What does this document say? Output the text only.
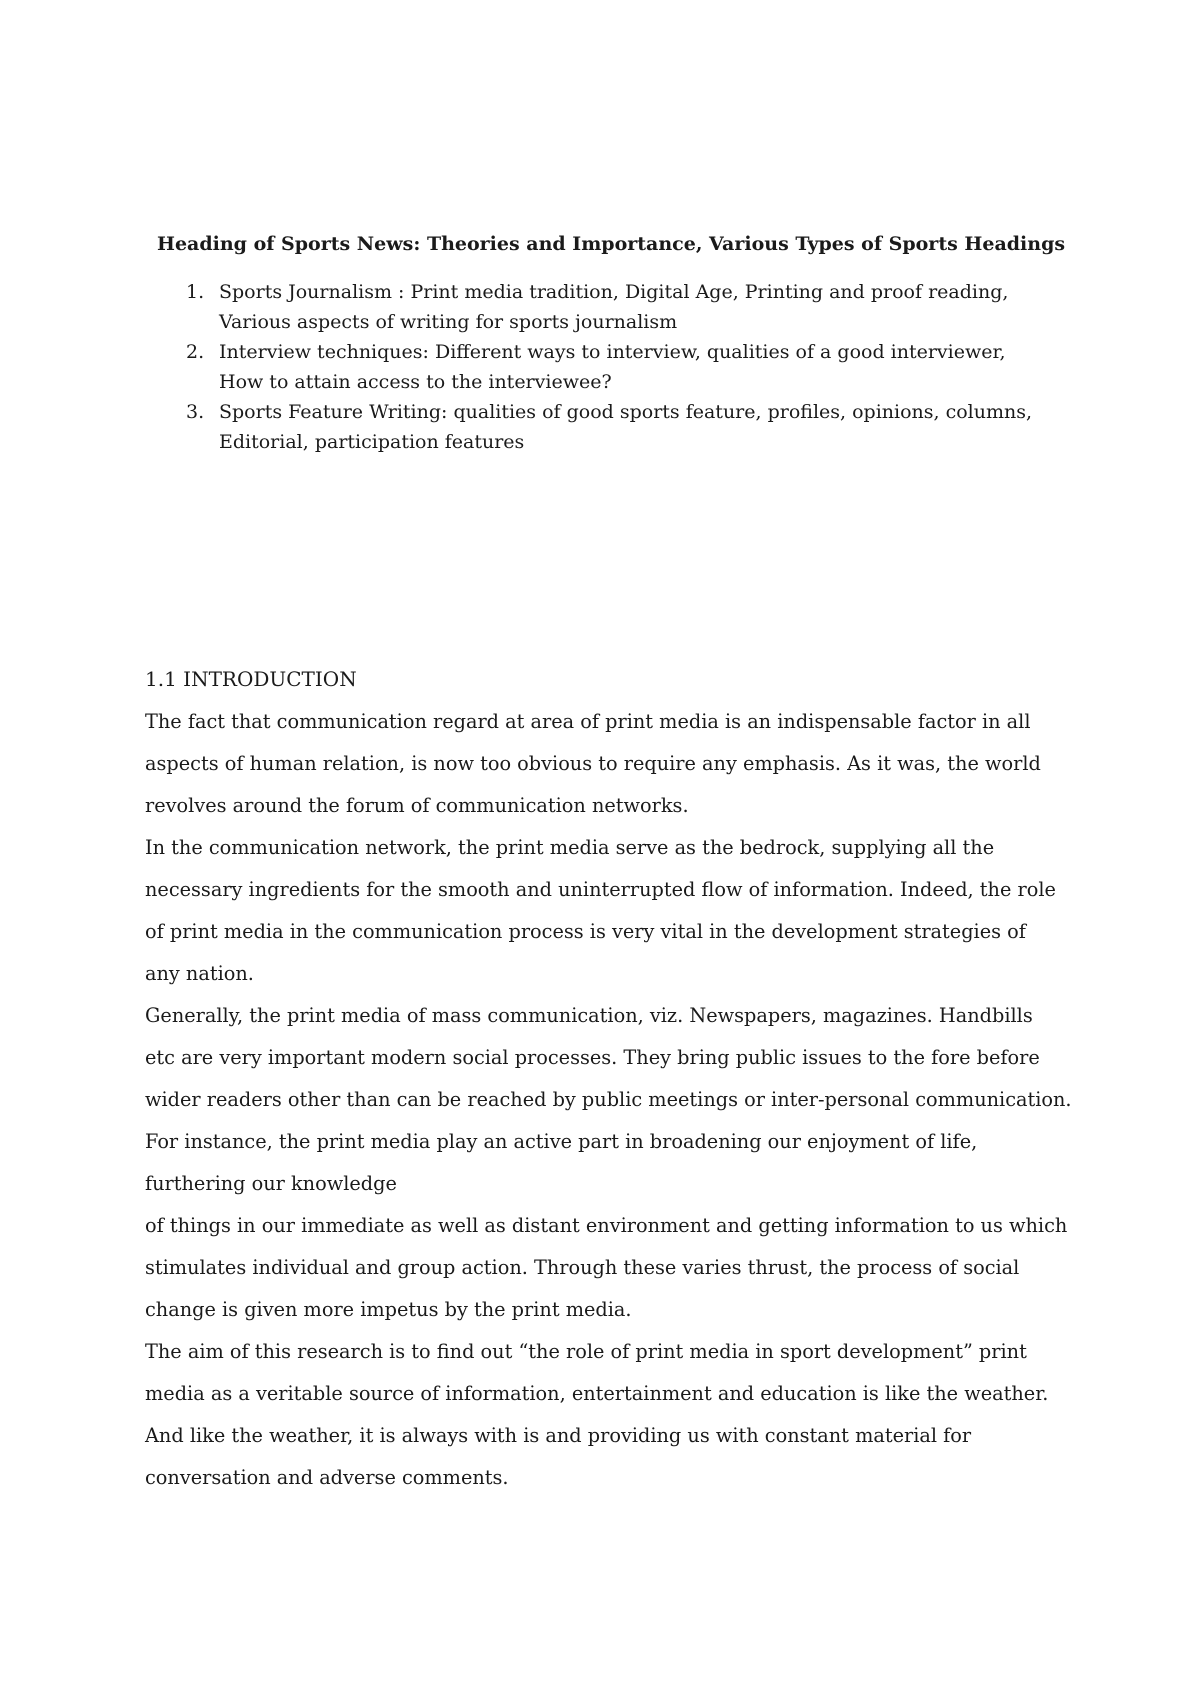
Heading of Sports News: Theories and Importance, Various Types of Sports Headings
1. Sports Journalism : Print media tradition, Digital Age, Printing and proof reading,
Various aspects of writing for sports journalism
2. Interview techniques: Different ways to interview, qualities of a good interviewer,
How to attain access to the interviewee?
3. Sports Feature Writing: qualities of good sports feature, profiles, opinions, columns,
Editorial, participation features
1.1 INTRODUCTION
The fact that communication regard at area of print media is an indispensable factor in all
aspects of human relation, is now too obvious to require any emphasis. As it was, the world
revolves around the forum of communication networks.
In the communication network, the print media serve as the bedrock, supplying all the
necessary ingredients for the smooth and uninterrupted flow of information. Indeed, the role
of print media in the communication process is very vital in the development strategies of
any nation.
Generally, the print media of mass communication, viz. Newspapers, magazines. Handbills
etc are very important modern social processes. They bring public issues to the fore before
wider readers other than can be reached by public meetings or inter-personal communication.
For instance, the print media play an active part in broadening our enjoyment of life,
furthering our knowledge
of things in our immediate as well as distant environment and getting information to us which
stimulates individual and group action. Through these varies thrust, the process of social
change is given more impetus by the print media.
The aim of this research is to find out “the role of print media in sport development” print
media as a veritable source of information, entertainment and education is like the weather.
And like the weather, it is always with is and providing us with constant material for
conversation and adverse comments.
